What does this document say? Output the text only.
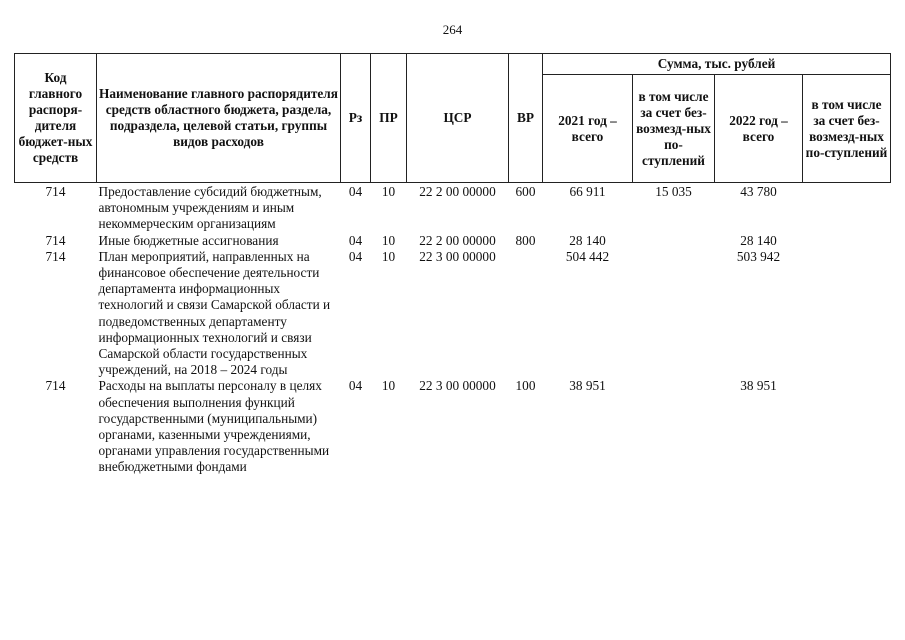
264
Код главного распоря-дителя бюджет-ных средств	Наименование главного распорядителя средств областного бюджета, раздела, подраздела, целевой статьи, группы видов расходов	Рз	ПР	ЦСР	ВР	Сумма, тыс. рублей			
						2021 год – всего	в том числе за счет без-возмезд-ных по-ступлений	2022 год – всего	в том числе за счет без-возмезд-ных по-ступлений
714	Предоставление субсидий бюджетным, автономным учреждениям и иным некоммерческим организациям	04	10	22 2 00 00000	600	66 911	15 035	43 780	
714	Иные бюджетные ассигнования	04	10	22 2 00 00000	800	28 140		28 140	
714	План мероприятий, направленных на финансовое обеспечение деятельности департамента информационных технологий и связи Самарской области и подведомственных департаменту информационных технологий и связи Самарской области государственных учреждений, на 2018 – 2024 годы	04	10	22 3 00 00000		504 442		503 942	
714	Расходы на выплаты персоналу в целях обеспечения выполнения функций государственными (муниципальными) органами, казенными учреждениями, органами управления государственными внебюджетными фондами	04	10	22 3 00 00000	100	38 951		38 951	
